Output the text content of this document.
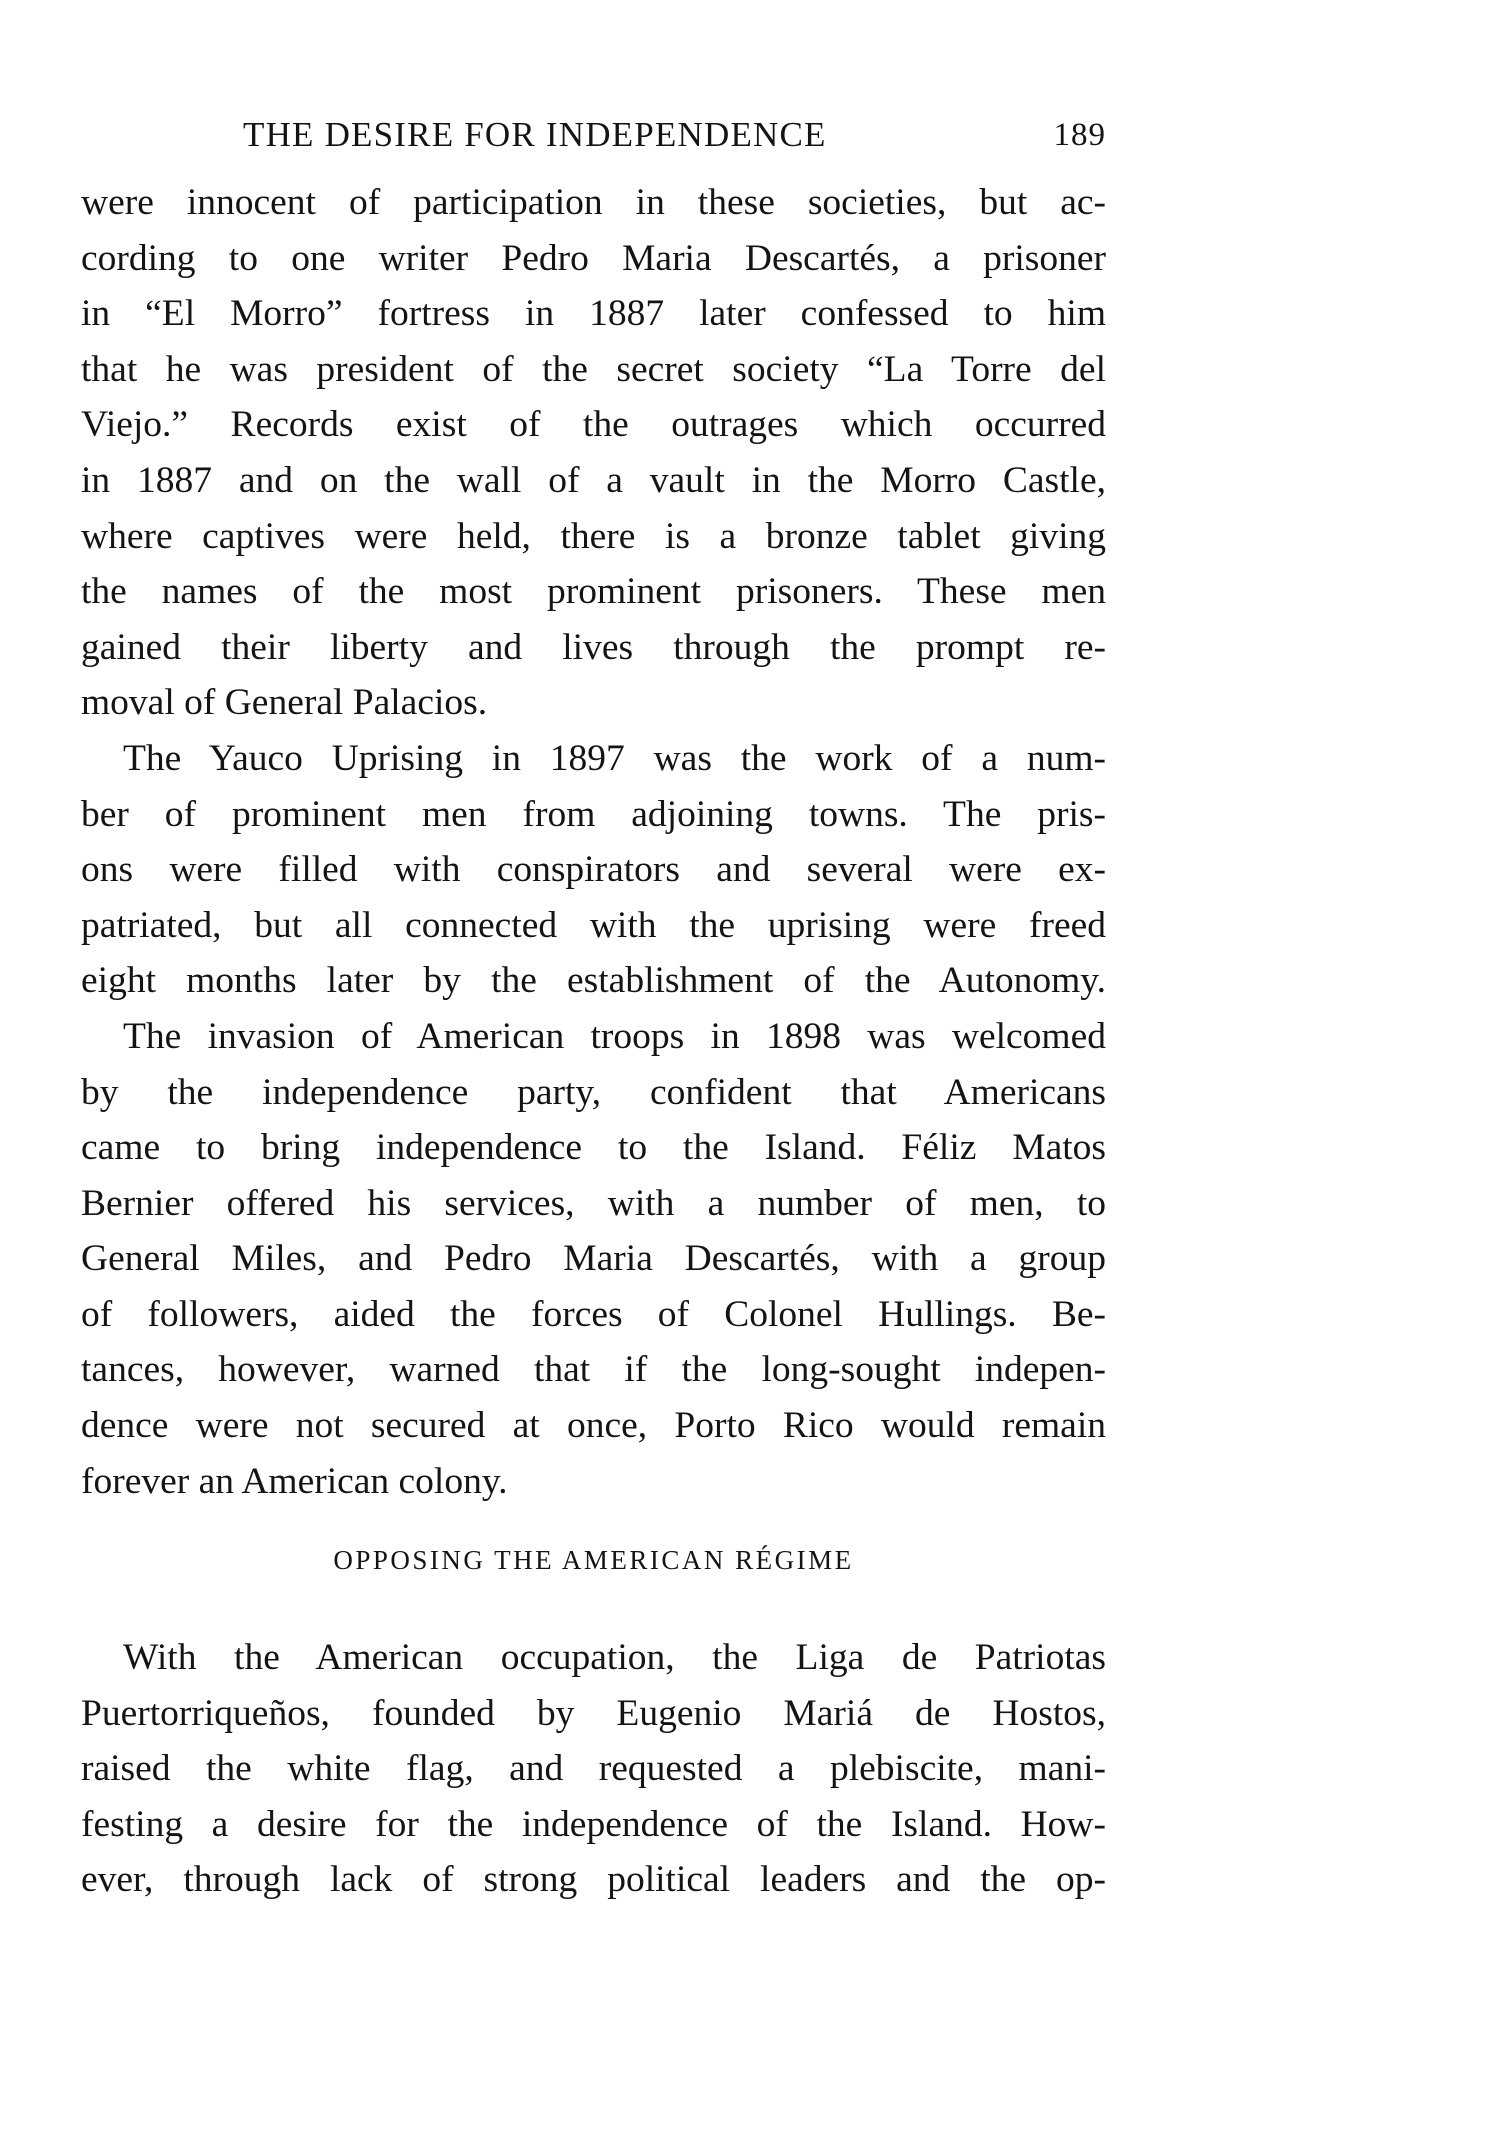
THE DESIRE FOR INDEPENDENCE	189
were innocent of participation in these societies, but ac-
cording to one writer Pedro Maria Descartés, a prisoner
in “El Morro” fortress in 1887 later confessed to him
that he was president of the secret society “La Torre del
Viejo.” Records exist of the outrages which occurred
in 1887 and on the wall of a vault in the Morro Castle,
where captives were held, there is a bronze tablet giving
the names of the most prominent prisoners. These men
gained their liberty and lives through the prompt re-
moval of General Palacios.
The Yauco Uprising in 1897 was the work of a num-
ber of prominent men from adjoining towns. The pris-
ons were filled with conspirators and several were ex-
patriated, but all connected with the uprising were freed
eight months later by the establishment of the Autonomy.
The invasion of American troops in 1898 was welcomed
by the independence party, confident that Americans
came to bring independence to the Island. Féliz Matos
Bernier offered his services, with a number of men, to
General Miles, and Pedro Maria Descartés, with a group
of followers, aided the forces of Colonel Hullings. Be-
tances, however, warned that if the long-sought indepen-
dence were not secured at once, Porto Rico would remain
forever an American colony.
OPPOSING THE AMERICAN RÉGIME
With the American occupation, the Liga de Patriotas
Puertorriqueños, founded by Eugenio Mariá de Hostos,
raised the white flag, and requested a plebiscite, mani-
festing a desire for the independence of the Island. How-
ever, through lack of strong political leaders and the op-
